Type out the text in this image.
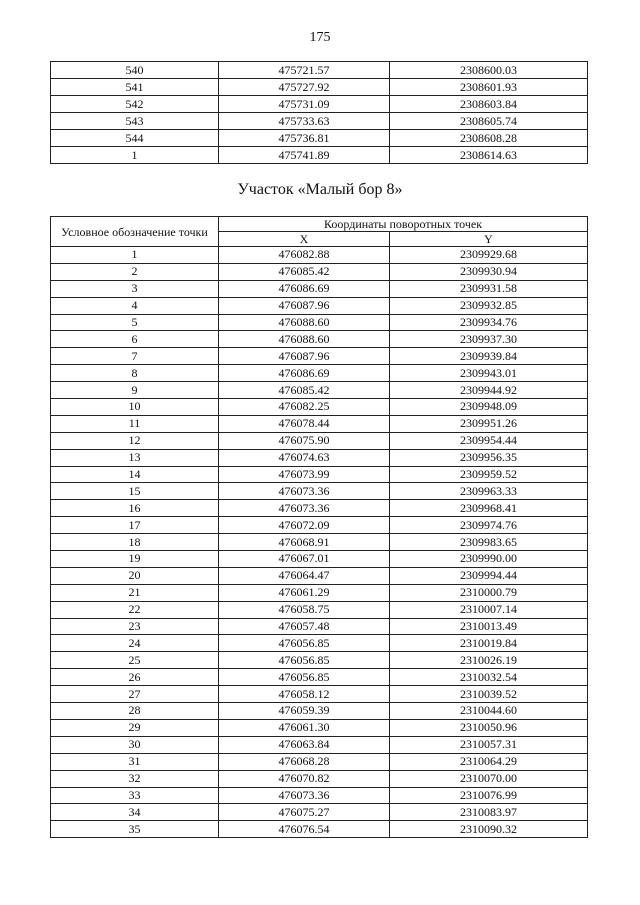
175
540	475721.57	2308600.03
541	475727.92	2308601.93
542	475731.09	2308603.84
543	475733.63	2308605.74
544	475736.81	2308608.28
1	475741.89	2308614.63
Участок «Малый бор 8»
Условное обозначение точки	Координаты поворотных точек	
	X	Y
1	476082.88	2309929.68
2	476085.42	2309930.94
3	476086.69	2309931.58
4	476087.96	2309932.85
5	476088.60	2309934.76
6	476088.60	2309937.30
7	476087.96	2309939.84
8	476086.69	2309943.01
9	476085.42	2309944.92
10	476082.25	2309948.09
11	476078.44	2309951.26
12	476075.90	2309954.44
13	476074.63	2309956.35
14	476073.99	2309959.52
15	476073.36	2309963.33
16	476073.36	2309968.41
17	476072.09	2309974.76
18	476068.91	2309983.65
19	476067.01	2309990.00
20	476064.47	2309994.44
21	476061.29	2310000.79
22	476058.75	2310007.14
23	476057.48	2310013.49
24	476056.85	2310019.84
25	476056.85	2310026.19
26	476056.85	2310032.54
27	476058.12	2310039.52
28	476059.39	2310044.60
29	476061.30	2310050.96
30	476063.84	2310057.31
31	476068.28	2310064.29
32	476070.82	2310070.00
33	476073.36	2310076.99
34	476075.27	2310083.97
35	476076.54	2310090.32
